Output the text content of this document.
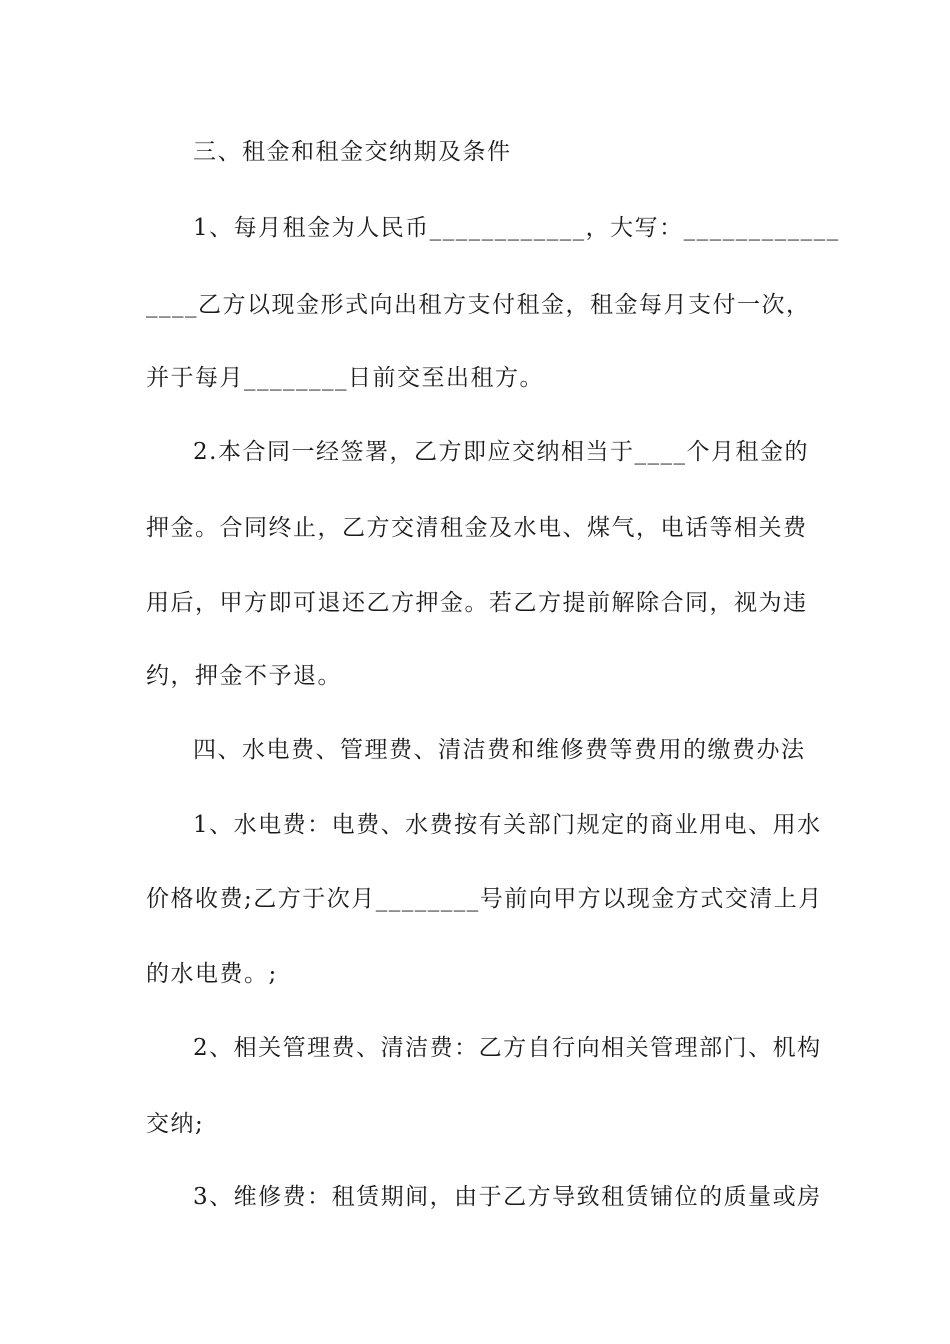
三、租金和租金交纳期及条件
1、每月租金为人民币____________，大写：____________
____乙方以现金形式向出租方支付租金，租金每月支付一次，
并于每月________日前交至出租方。
2.本合同一经签署，乙方即应交纳相当于____个月租金的
押金。合同终止，乙方交清租金及水电、煤气，电话等相关费
用后，甲方即可退还乙方押金。若乙方提前解除合同，视为违
约，押金不予退。
四、水电费、管理费、清洁费和维修费等费用的缴费办法
1、水电费：电费、水费按有关部门规定的商业用电、用水
价格收费;乙方于次月________号前向甲方以现金方式交清上月
的水电费。;
2、相关管理费、清洁费：乙方自行向相关管理部门、机构
交纳;
3、维修费：租赁期间，由于乙方导致租赁铺位的质量或房
